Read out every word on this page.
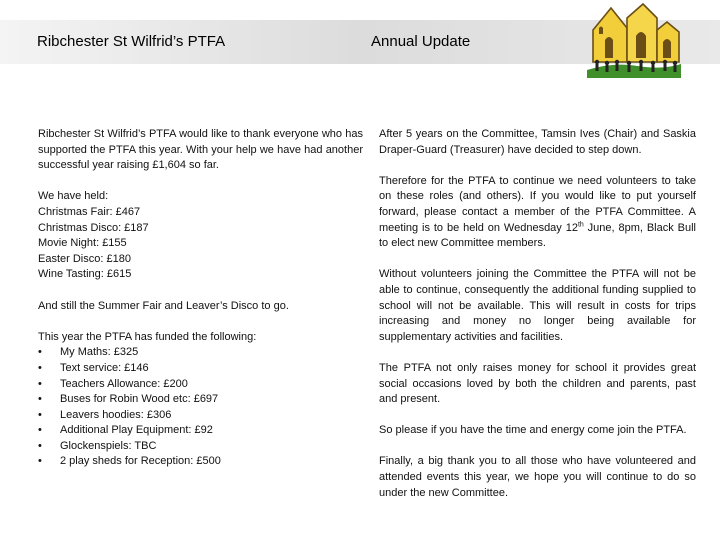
Ribchester St Wilfrid’s PTFA	Annual Update

Ribchester St Wilfrid’s PTFA would like to thank everyone who has supported the PTFA this year. With your help we have had another successful year raising £1,604 so far.

We have held:
Christmas Fair: £467
Christmas Disco: £187
Movie Night: £155
Easter Disco: £180
Wine Tasting: £615

And still the Summer Fair and Leaver’s Disco to go.

This year the PTFA has funded the following:
• My Maths: £325
• Text service: £146
• Teachers Allowance: £200
• Buses for Robin Wood etc: £697
• Leavers hoodies: £306
• Additional Play Equipment: £92
• Glockenspiels: TBC
• 2 play sheds for Reception: £500

After 5 years on the Committee, Tamsin Ives (Chair) and Saskia Draper-Guard (Treasurer) have decided to step down.

Therefore for the PTFA to continue we need volunteers to take on these roles (and others). If you would like to put yourself forward, please contact a member of the PTFA Committee. A meeting is to be held on Wednesday 12th June, 8pm, Black Bull to elect new Committee members.

Without volunteers joining the Committee the PTFA will not be able to continue, consequently the additional funding supplied to school will not be available. This will result in costs for trips increasing and money no longer being available for supplementary activities and facilities.

The PTFA not only raises money for school it provides great social occasions loved by both the children and parents, past and present.

So please if you have the time and energy come join the PTFA.

Finally, a big thank you to all those who have volunteered and attended events this year, we hope you will continue to do so under the new Committee.
